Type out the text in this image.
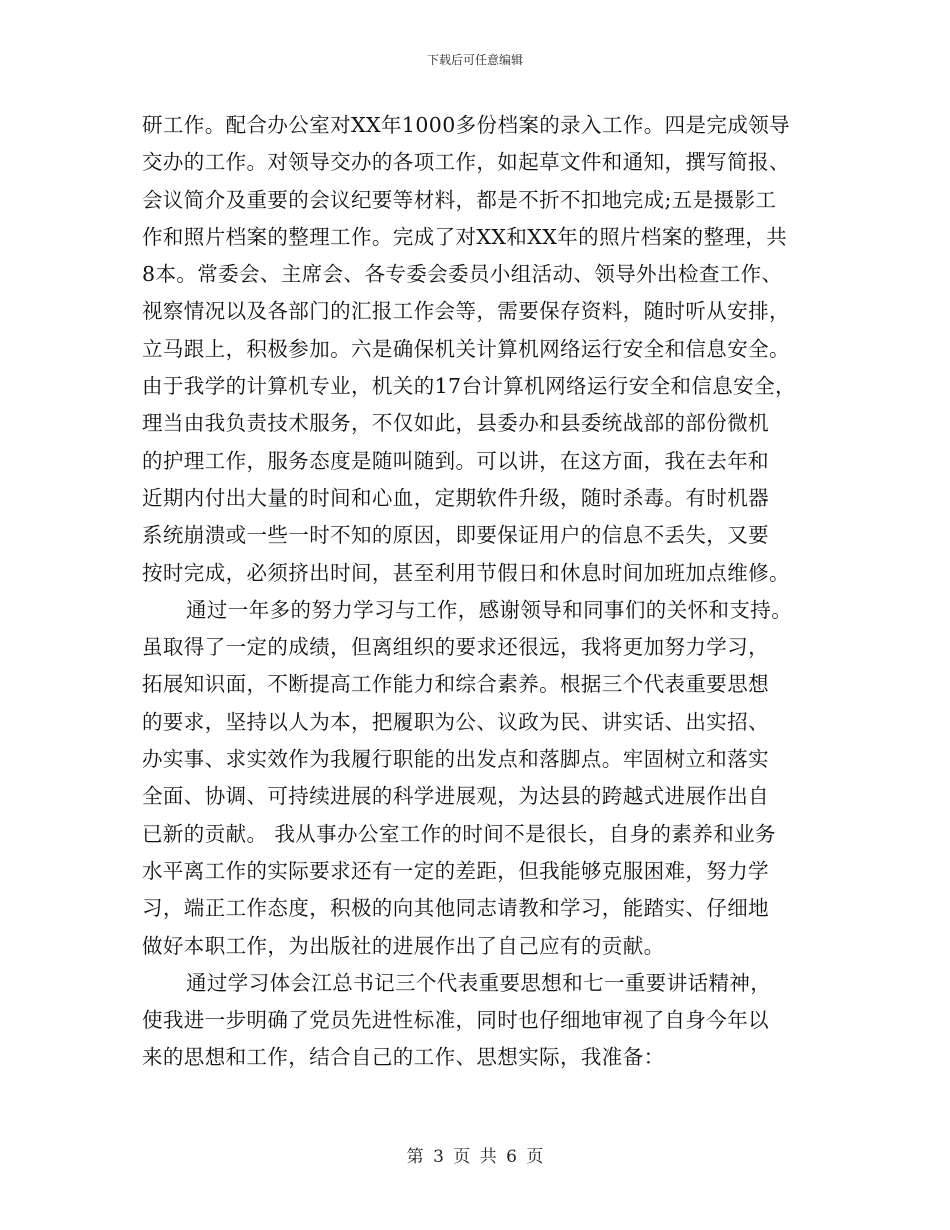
下载后可任意编辑
研工作。配合办公室对XX年1000多份档案的录入工作。四是完成领导
交办的工作。对领导交办的各项工作，如起草文件和通知，撰写简报、
会议简介及重要的会议纪要等材料，都是不折不扣地完成;五是摄影工
作和照片档案的整理工作。完成了对XX和XX年的照片档案的整理，共
8本。常委会、主席会、各专委会委员小组活动、领导外出检查工作、
视察情况以及各部门的汇报工作会等，需要保存资料，随时听从安排，
立马跟上，积极参加。六是确保机关计算机网络运行安全和信息安全。
由于我学的计算机专业，机关的17台计算机网络运行安全和信息安全，
理当由我负责技术服务，不仅如此，县委办和县委统战部的部份微机
的护理工作，服务态度是随叫随到。可以讲，在这方面，我在去年和
近期内付出大量的时间和心血，定期软件升级，随时杀毒。有时机器
系统崩溃或一些一时不知的原因，即要保证用户的信息不丢失，又要
按时完成，必须挤出时间，甚至利用节假日和休息时间加班加点维修。
通过一年多的努力学习与工作，感谢领导和同事们的关怀和支持。
虽取得了一定的成绩，但离组织的要求还很远，我将更加努力学习，
拓展知识面，不断提高工作能力和综合素养。根据三个代表重要思想
的要求，坚持以人为本，把履职为公、议政为民、讲实话、出实招、
办实事、求实效作为我履行职能的出发点和落脚点。牢固树立和落实
全面、协调、可持续进展的科学进展观，为达县的跨越式进展作出自
已新的贡献。 我从事办公室工作的时间不是很长，自身的素养和业务
水平离工作的实际要求还有一定的差距，但我能够克服困难，努力学
习，端正工作态度，积极的向其他同志请教和学习，能踏实、仔细地
做好本职工作，为出版社的进展作出了自己应有的贡献。
通过学习体会江总书记三个代表重要思想和七一重要讲话精神，
使我进一步明确了党员先进性标准，同时也仔细地审视了自身今年以
来的思想和工作，结合自己的工作、思想实际，我准备：
第 3 页 共 6 页
